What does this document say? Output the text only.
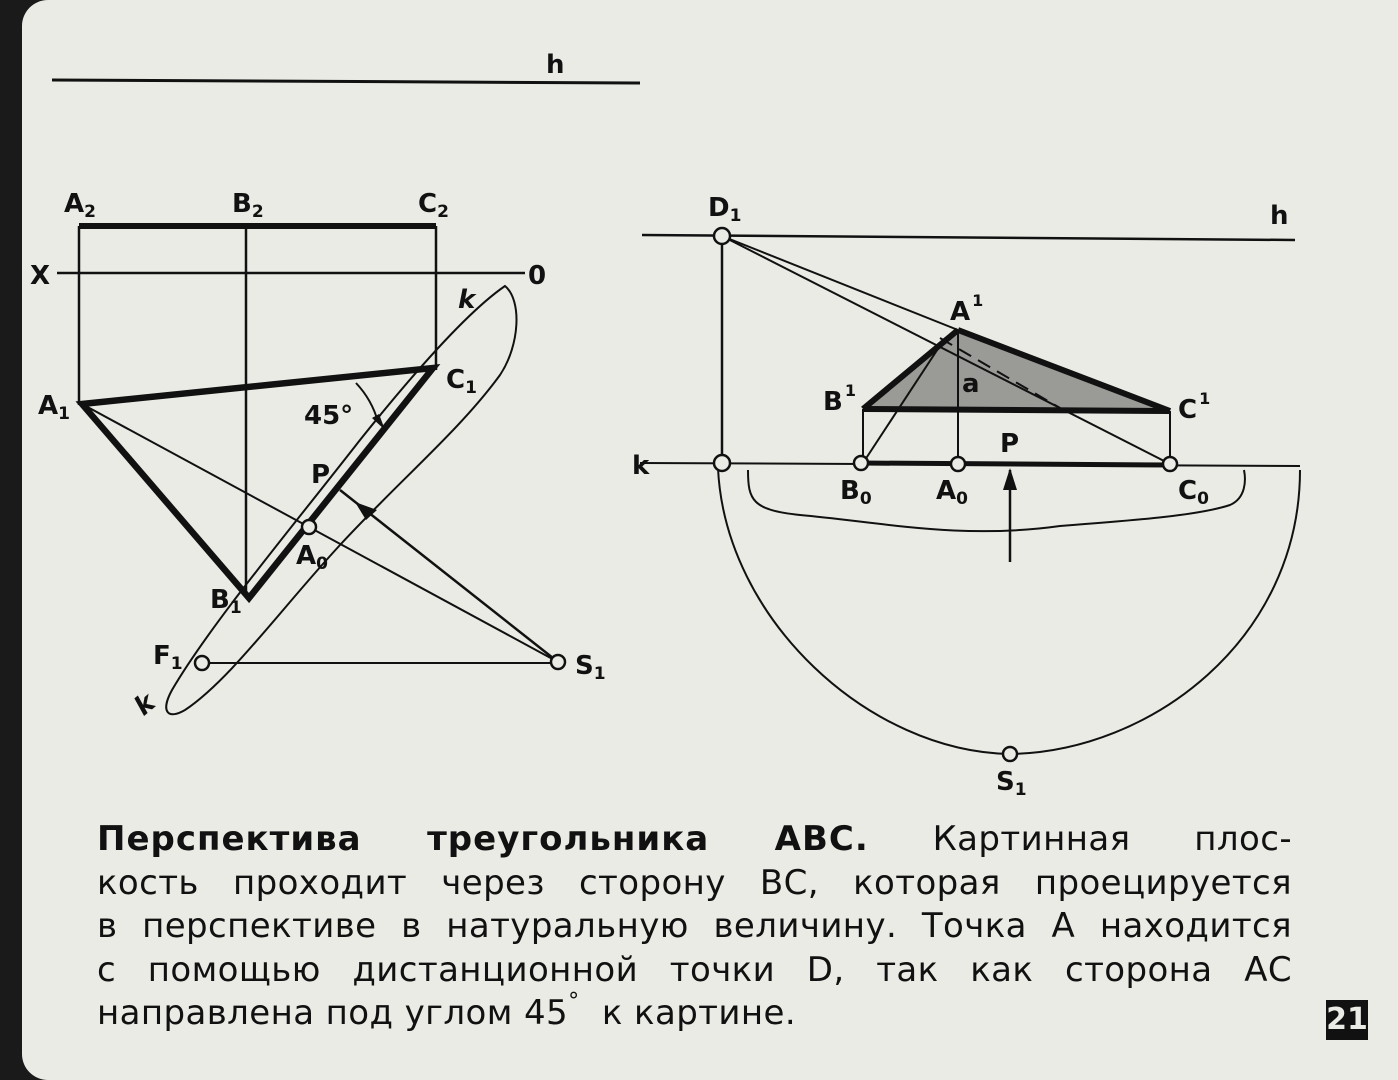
h
A2	B2	C2
X	0
k
A1
C1
45°
P
A0
B1
F1	S1
k
D1	h
A $^1$
a
B $^1$
C $^1$
k
P
B0 A0	C0
S1
Перспектива треугольника АВС. Картинная плос-
кость проходит через сторону ВС, которая проецируется
в перспективе в натуральную величину. Точка А находится
с помощью дистанционной точки D, так как сторона АС
направлена под углом 45° к картине.	21
